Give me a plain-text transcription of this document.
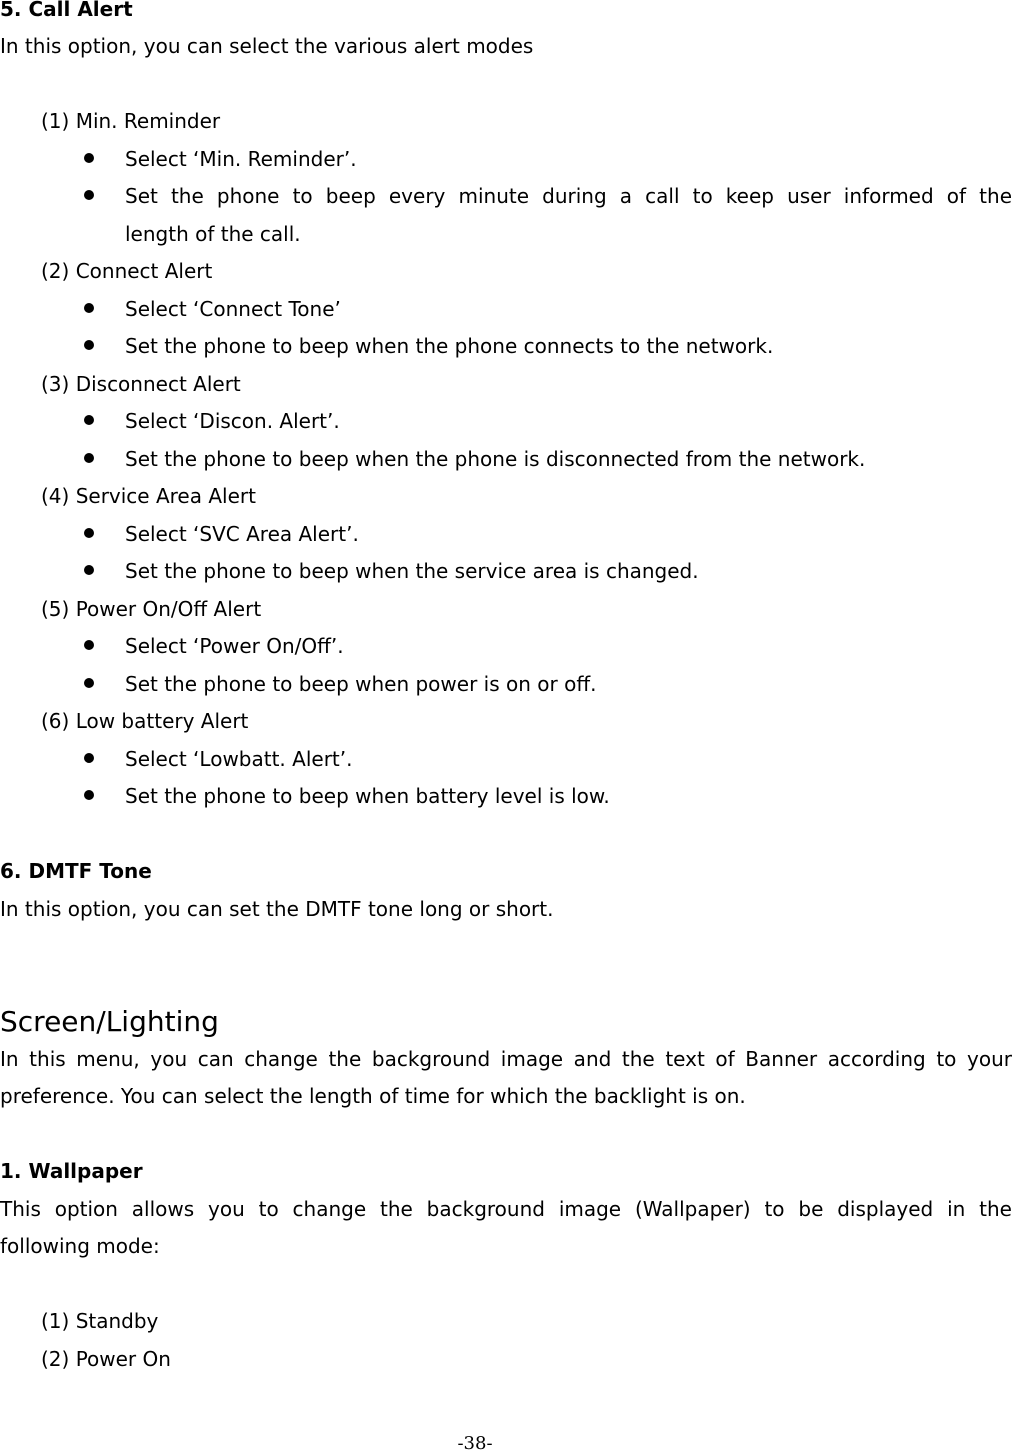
5. Call Alert
In this option, you can select the various alert modes
(1) Min. Reminder
Select ‘Min. Reminder’.
Set the phone to beep every minute during a call to keep user informed of the
length of the call.
(2) Connect Alert
Select ‘Connect Tone’
Set the phone to beep when the phone connects to the network.
(3) Disconnect Alert
Select ‘Discon. Alert’.
Set the phone to beep when the phone is disconnected from the network.
(4) Service Area Alert
Select ‘SVC Area Alert’.
Set the phone to beep when the service area is changed.
(5) Power On/Off Alert
Select ‘Power On/Off’.
Set the phone to beep when power is on or off.
(6) Low battery Alert
Select ‘Lowbatt. Alert’.
Set the phone to beep when battery level is low.
6. DMTF Tone
In this option, you can set the DMTF tone long or short.
Screen/Lighting
In this menu, you can change the background image and the text of Banner according to your
preference. You can select the length of time for which the backlight is on.
1. Wallpaper
This option allows you to change the background image (Wallpaper) to be displayed in the
following mode:
(1) Standby
(2) Power On
-38-
